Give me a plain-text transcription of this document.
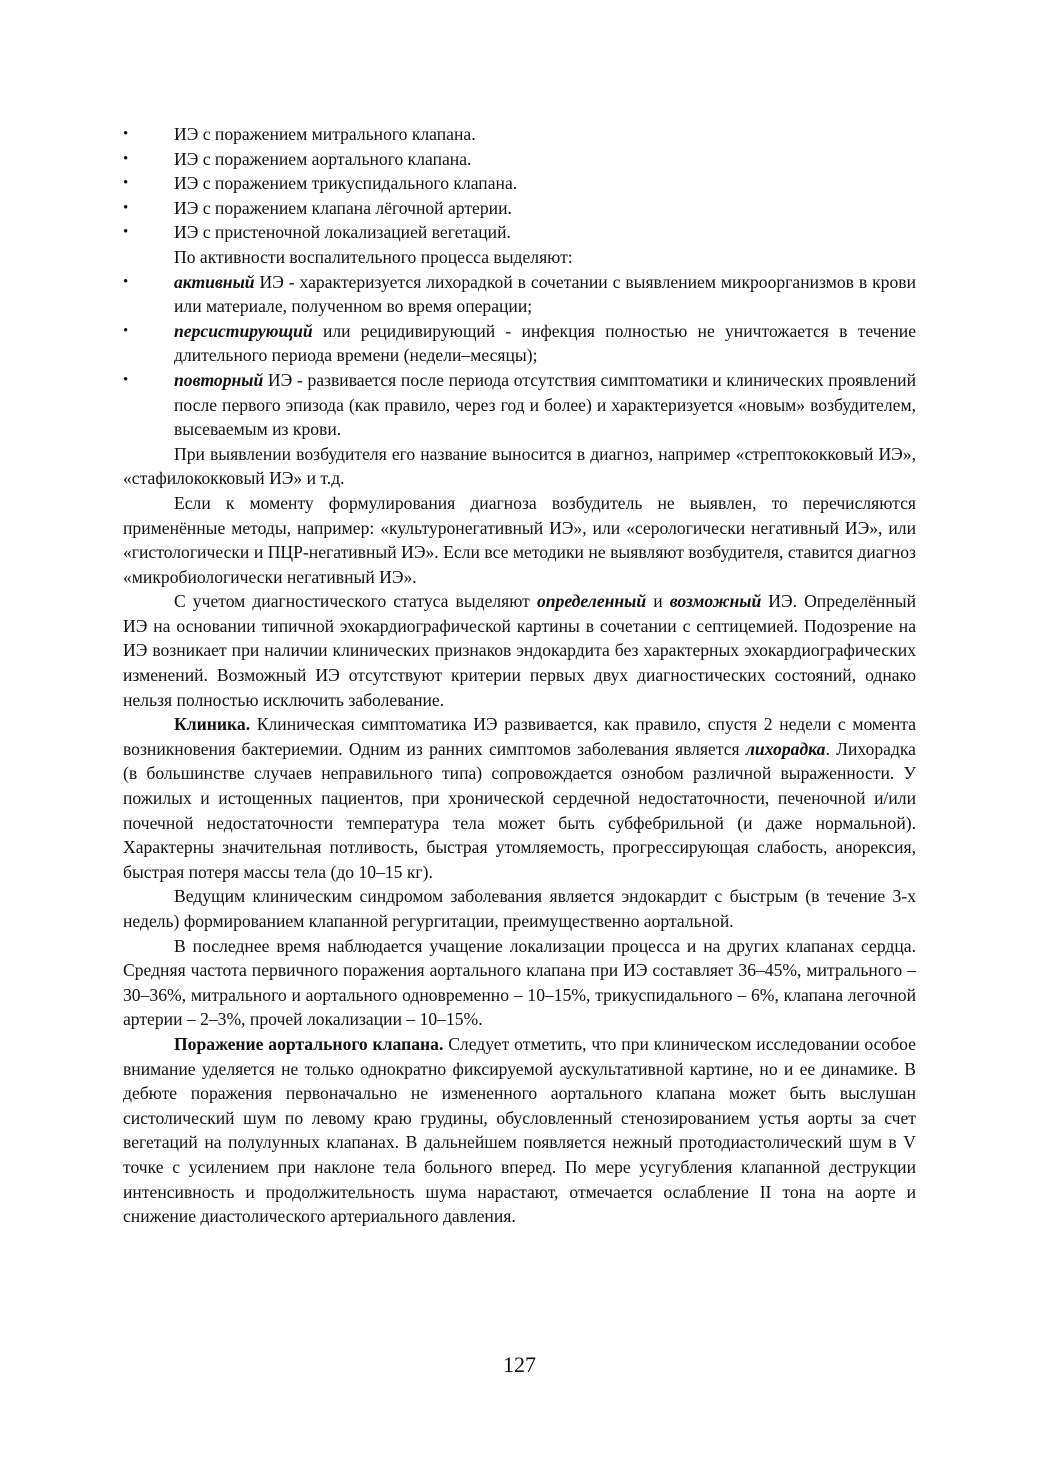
• ИЭ с поражением митрального клапана.

• ИЭ с поражением аортального клапана.

• ИЭ с поражением трикуспидального клапана.

• ИЭ с поражением клапана лёгочной артерии.

• ИЭ с пристеночной локализацией вегетаций.

По активности воспалительного процесса выделяют:

• активный ИЭ - характеризуется лихорадкой в сочетании с выявлением микроорганизмов в крови или материале, полученном во время операции;

• персистирующий или рецидивирующий - инфекция полностью не уничтожается в течение длительного периода времени (недели–месяцы);

• повторный ИЭ - развивается после периода отсутствия симптоматики и клинических проявлений после первого эпизода (как правило, через год и более) и характеризуется «новым» возбудителем, высеваемым из крови.

При выявлении возбудителя его название выносится в диагноз, например «стрептококковый ИЭ», «стафилококковый ИЭ» и т.д.

Если к моменту формулирования диагноза возбудитель не выявлен, то перечисляются применённые методы, например: «культуронегативный ИЭ», или «серологически негативный ИЭ», или «гистологически и ПЦР-негативный ИЭ». Если все методики не выявляют возбудителя, ставится диагноз «микробиологически негативный ИЭ».

С учетом диагностического статуса выделяют определенный и возможный ИЭ. Определённый ИЭ на основании типичной эхокардиографической картины в сочетании с септицемией. Подозрение на ИЭ возникает при наличии клинических признаков эндокардита без характерных эхокардиографических изменений. Возможный ИЭ отсутствуют критерии первых двух диагностических состояний, однако нельзя полностью исключить заболевание.

Клиника. Клиническая симптоматика ИЭ развивается, как правило, спустя 2 недели с момента возникновения бактериемии. Одним из ранних симптомов заболевания является лихорадка. Лихорадка (в большинстве случаев неправильного типа) сопровождается ознобом различной выраженности. У пожилых и истощенных пациентов, при хронической сердечной недостаточности, печеночной и/или почечной недостаточности температура тела может быть субфебрильной (и даже нормальной). Характерны значительная потливость, быстрая утомляемость, прогрессирующая слабость, анорексия, быстрая потеря массы тела (до 10–15 кг).

Ведущим клиническим синдромом заболевания является эндокардит с быстрым (в течение 3-х недель) формированием клапанной регургитации, преимущественно аортальной.

В последнее время наблюдается учащение локализации процесса и на других клапанах сердца. Средняя частота первичного поражения аортального клапана при ИЭ составляет 36–45%, митрального – 30–36%, митрального и аортального одновременно – 10–15%, трикуспидального – 6%, клапана легочной артерии – 2–3%, прочей локализации – 10–15%.

Поражение аортального клапана. Следует отметить, что при клиническом исследовании особое внимание уделяется не только однократно фиксируемой аускультативной картине, но и ее динамике. В дебюте поражения первоначально не измененного аортального клапана может быть выслушан систолический шум по левому краю грудины, обусловленный стенозированием устья аорты за счет вегетаций на полулунных клапанах. В дальнейшем появляется нежный протодиастолический шум в V точке с усилением при наклоне тела больного вперед. По мере усугубления клапанной деструкции интенсивность и продолжительность шума нарастают, отмечается ослабление II тона на аорте и снижение диастолического артериального давления.

127
